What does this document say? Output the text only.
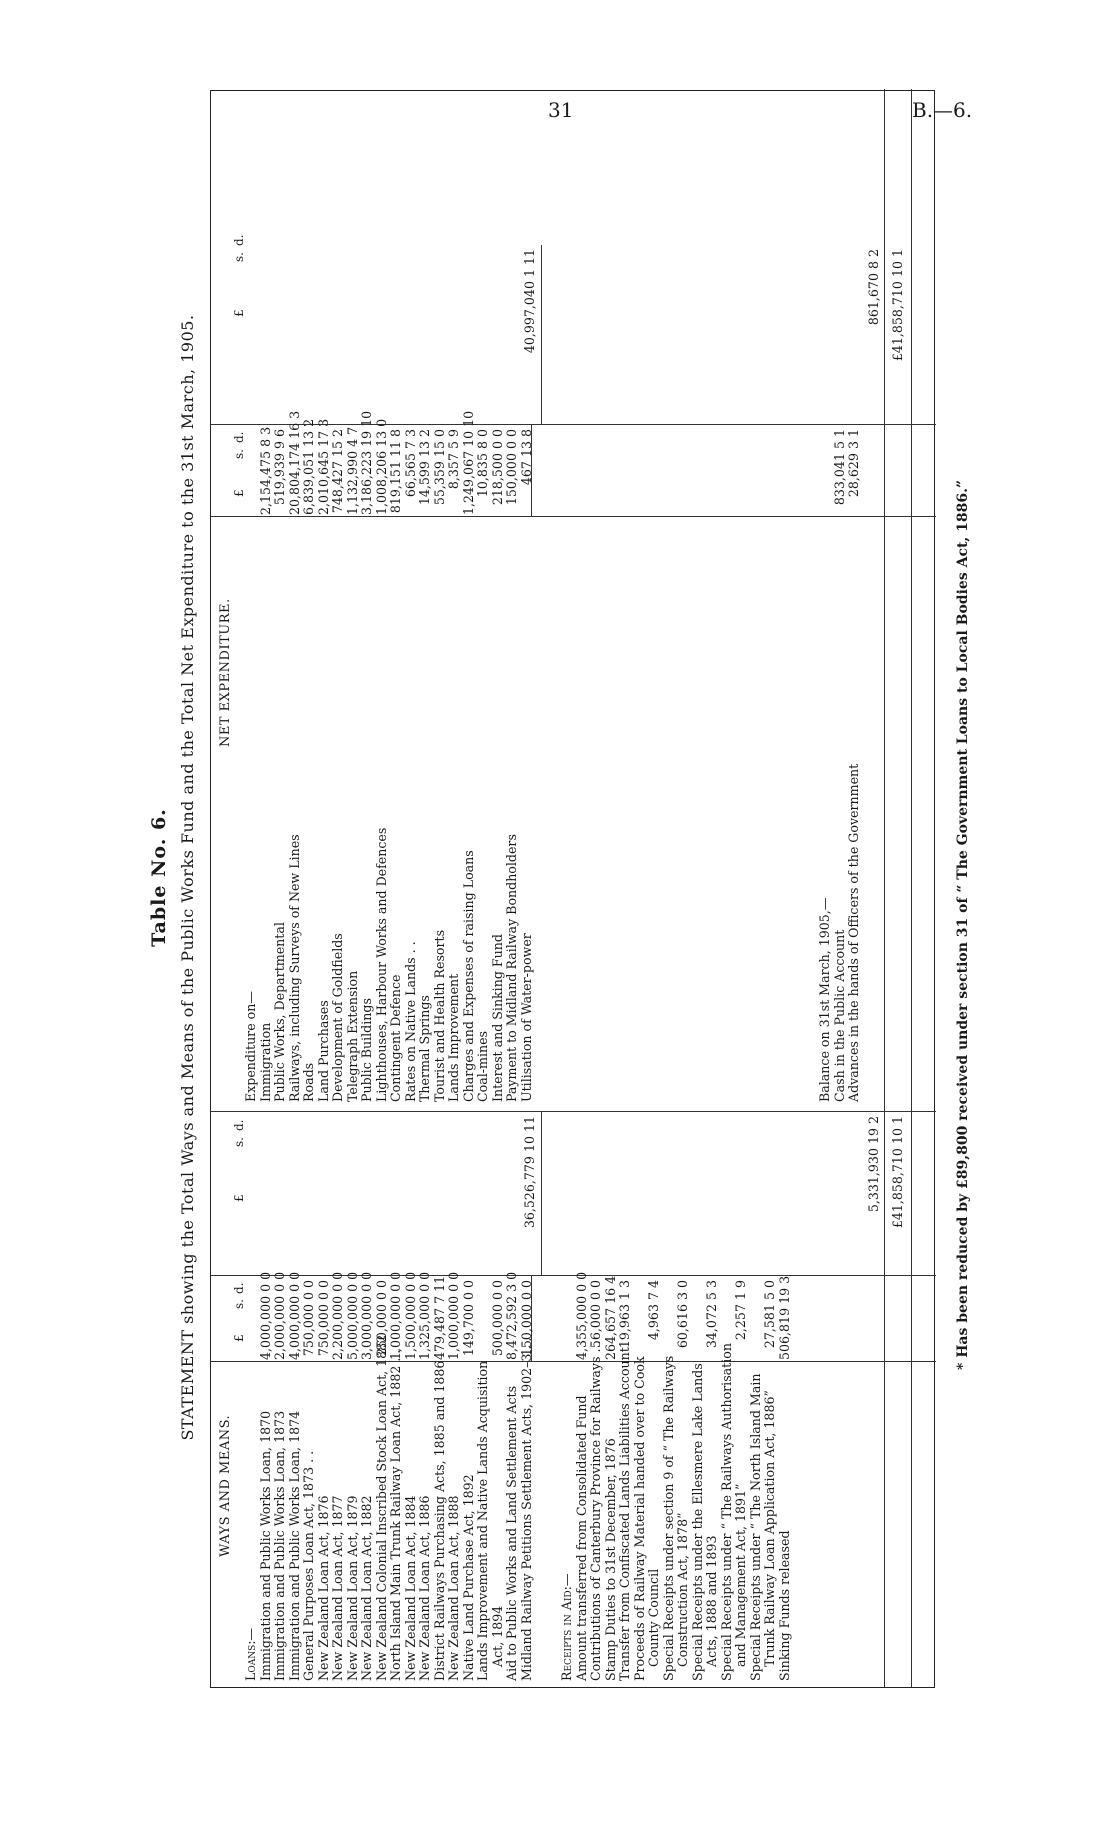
31	B.—6.
Table No. 6. STATEMENT showing the Total Ways and Means of the Public Works Fund and the Total Net Expenditure to the 31st March, 1905.
WAYS AND MEANS.
NET EXPENDITURE.
£
s.
d.
£
s.
d.
£
s.
d.
£
s.
d.
Loans:— Immigration and Public Works Loan, 1870 Immigration and Public Works Loan, 1873 Immigration and Public Works Loan, 1874 General Purposes Loan Act, 1873 . . New Zealand Loan Act, 1876 New Zealand Loan Act, 1877 New Zealand Loan Act, 1879 New Zealand Loan Act, 1882 New Zealand Colonial Inscribed Stock Loan Act, 1882 North Island Main Trunk Railway Loan Act, 1882 . . New Zealand Loan Act, 1884 New Zealand Loan Act, 1886 District Railways Purchasing Acts, 1885 and 1886 New Zealand Loan Act, 1888 Native Land Purchase Act, 1892 Lands Improvement and Native Lands Acquisition Act, 1894 Aid to Public Works and Land Settlement Acts Midland Railway Petitions Settlement Acts, 1902–3 . .
4,000,000 0 0 2,000,000 0 0 4,000,000 0 0 750,000 0 0 750,000 0 0 2,200,000 0 0 5,000,000 0 0 3,000,000 0 0 250,000 0 0 1,000,000 0 0 1,500,000 0 0 1,325,000 0 0 479,487 7 11 1,000,000 0 0 149,700 0 0 500,000 0 0 8,472,592 3 0 150,000 0 0
36,526,779 10 11
Receipts in Aid:— Amount transferred from Consolidated Fund Contributions of Canterbury Province for Railways . . Stamp Duties to 31st December, 1876 Transfer from Confiscated Lands Liabilities Account Proceeds of Railway Material handed over to Cook County Council Special Receipts under section 9 of “ The Railways Construction Act, 1878” Special Receipts under the Ellesmere Lake Lands Acts, 1888 and 1893 Special Receipts under “ The Railways Authorisation and Management Act, 1891” Special Receipts under “ The North Island Main Trunk Railway Loan Application Act, 1886” Sinking Funds released
4,355,000 0 0 56,000 0 0 264,657 16 4 19,963 1 3 4,963 7 4 60,616 3 0 34,072 5 3 2,257 1 9 27,581 5 0 506,819 19 3
5,331,930 19 2 £41,858,710 10 1
Expenditure on— Immigration Public Works, Departmental Railways, including Surveys of New Lines Roads Land Purchases Development of Goldfields Telegraph Extension Public Buildings Lighthouses, Harbour Works and Defences Contingent Defence Rates on Native Lands . . Thermal Springs Tourist and Health Resorts Lands Improvement Charges and Expenses of raising Loans Coal-mines Interest and Sinking Fund Payment to Midland Railway Bondholders Utilisation of Water-power
2,154,475 8 3 519,939 9 6 20,804,174 16 3 6,839,051 13 2 2,010,645 17 3 748,427 15 2 1,132,990 4 7 3,186,223 19 10 1,008,206 13 0 819,151 11 8 66,565 7 3 14,599 13 2 55,359 15 0 8,357 5 9 1,249,067 10 10 10,835 8 0 218,500 0 0 150,000 0 0 467 13 8
40,997,040 1 11
Balance on 31st March, 1905,— Cash in the Public Account Advances in the hands of Officers of the Government
833,041 5 1 28,629 3 1
861,670 8 2 £41,858,710 10 1
* Has been reduced by £89,800 received under section 31 of “ The Government Loans to Local Bodies Act, 1886.”
